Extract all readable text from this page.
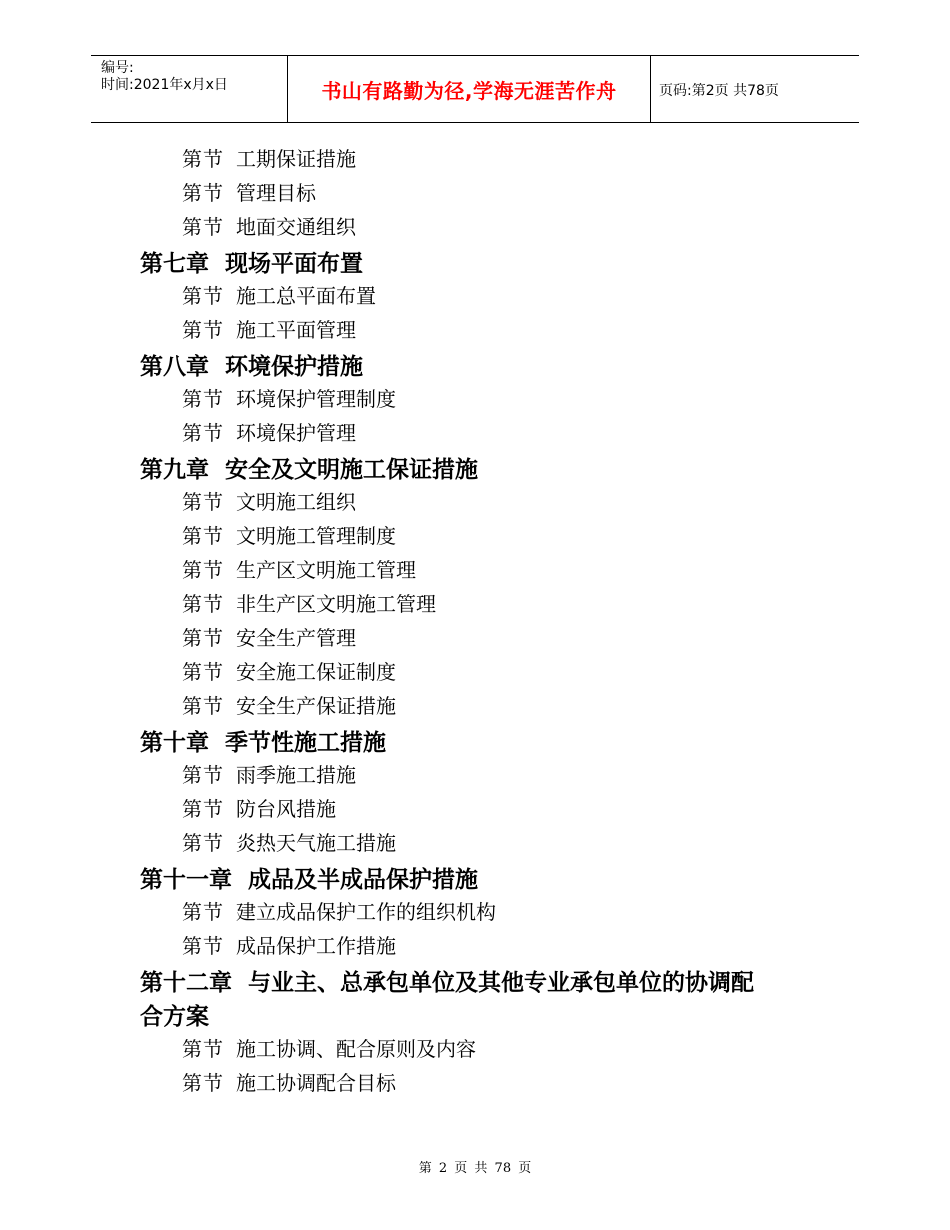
编号:
时间:2021年x月x日	书山有路勤为径,学海无涯苦作舟	页码:第2页 共78页
第节 工期保证措施
第节 管理目标
第节 地面交通组织
第七章 现场平面布置
第节 施工总平面布置
第节 施工平面管理
第八章 环境保护措施
第节 环境保护管理制度
第节 环境保护管理
第九章 安全及文明施工保证措施
第节 文明施工组织
第节 文明施工管理制度
第节 生产区文明施工管理
第节 非生产区文明施工管理
第节 安全生产管理
第节 安全施工保证制度
第节 安全生产保证措施
第十章 季节性施工措施
第节 雨季施工措施
第节 防台风措施
第节 炎热天气施工措施
第十一章 成品及半成品保护措施
第节 建立成品保护工作的组织机构
第节 成品保护工作措施
第十二章 与业主、总承包单位及其他专业承包单位的协调配
合方案
第节 施工协调、配合原则及内容
第节 施工协调配合目标
第 2 页 共 78 页
